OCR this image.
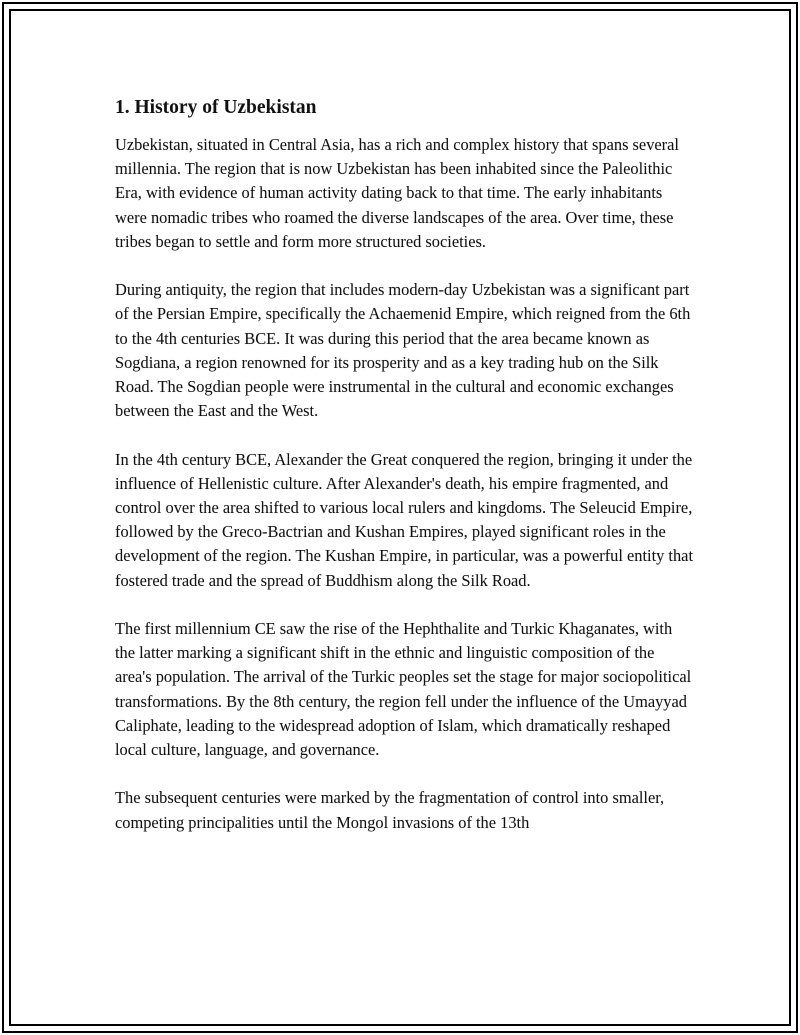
1. History of Uzbekistan

Uzbekistan, situated in Central Asia, has a rich and complex history that spans several millennia. The region that is now Uzbekistan has been inhabited since the Paleolithic Era, with evidence of human activity dating back to that time. The early inhabitants were nomadic tribes who roamed the diverse landscapes of the area. Over time, these tribes began to settle and form more structured societies.

During antiquity, the region that includes modern-day Uzbekistan was a significant part of the Persian Empire, specifically the Achaemenid Empire, which reigned from the 6th to the 4th centuries BCE. It was during this period that the area became known as Sogdiana, a region renowned for its prosperity and as a key trading hub on the Silk Road. The Sogdian people were instrumental in the cultural and economic exchanges between the East and the West.

In the 4th century BCE, Alexander the Great conquered the region, bringing it under the influence of Hellenistic culture. After Alexander's death, his empire fragmented, and control over the area shifted to various local rulers and kingdoms. The Seleucid Empire, followed by the Greco-Bactrian and Kushan Empires, played significant roles in the development of the region. The Kushan Empire, in particular, was a powerful entity that fostered trade and the spread of Buddhism along the Silk Road.

The first millennium CE saw the rise of the Hephthalite and Turkic Khaganates, with the latter marking a significant shift in the ethnic and linguistic composition of the area's population. The arrival of the Turkic peoples set the stage for major sociopolitical transformations. By the 8th century, the region fell under the influence of the Umayyad Caliphate, leading to the widespread adoption of Islam, which dramatically reshaped local culture, language, and governance.

The subsequent centuries were marked by the fragmentation of control into smaller, competing principalities until the Mongol invasions of the 13th
